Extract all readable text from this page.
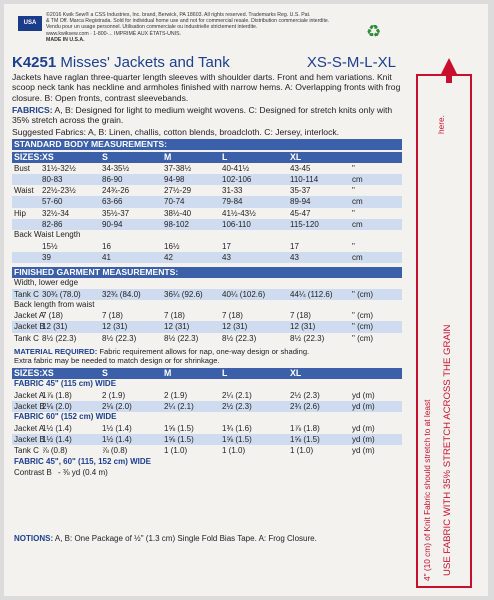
USA
©2016 Kwik Sew® a CSS Industries, Inc. brand, Berwick, PA 18603. All rights reserved. Trademarks Reg. U.S. Pat.
& TM Off. Marca Registrada. Sold for individual home use and not for commercial resale. Distribution commerciale interdite.
Vendu pour un usage personnel. Utilisation commerciale ou industrielle strictement interdite.
www.kwiksew.com · 1-800-... IMPRIMÉ AUX ÉTATS-UNIS.
MADE IN U.S.A.	♻
K4251 Misses' Jackets and Tank	XS-S-M-L-XL
Jackets have raglan three-quarter length sleeves with shoulder darts. Front and hem variations. Knit scoop neck tank has neckline and armholes finished with narrow hems. A: Overlapping fronts with frog closure. B: Open fronts, contrast sleevebands.
FABRICS: A, B: Designed for light to medium weight wovens. C: Designed for stretch knits only with 35% stretch across the grain.
Suggested Fabrics: A, B: Linen, challis, cotton blends, broadcloth. C: Jersey, interlock.
STANDARD BODY MEASUREMENTS:
SIZES: XS	S	M	L	XL
Bust 31½-32½	34-35½	37-38½	40-41½	43-45	"
80-83	86-90	94-98	102-106	110-114	cm
Waist 22½-23½	24¾-26	27½-29	31-33	35-37	"
57-60	63-66	70-74	79-84	89-94	cm
Hip 32½-34	35½-37	38½-40	41½-43½	45-47	"
82-86	90-94	98-102	106-110	115-120	cm
Back Waist Length
15½	16	16½	17	17	"
39	41	42	43	43	cm
FINISHED GARMENT MEASUREMENTS:
Width, lower edge
Tank C 30¾ (78.0)	32¾ (84.0)	36¼ (92.6) 40¼ (102.6)	44¼ (112.6) " (cm)
Back length from waist
Jacket A
7 (18)	7 (18)	7 (18)	7 (18)	7 (18)	" (cm)
Jacket B
12 (31)	12 (31)	12 (31)	12 (31)	12 (31)	" (cm)
Tank C 8½ (22.3)	8½ (22.3)	8½ (22.3)	8½ (22.3)	8½ (22.3)	" (cm)
MATERIAL REQUIRED: Fabric requirement allows for nap, one-way design or shading.
Extra fabric may be needed to match design or for shrinkage.
SIZES: XS	S	M	L	XL
FABRIC 45" (115 cm) WIDE
Jacket A
1⅞ (1.8)	2 (1.9)	2 (1.9)	2¼ (2.1)	2½ (2.3)	yd (m)
Jacket B
2⅛ (2.0)	2⅛ (2.0)	2¼ (2.1)	2½ (2.3)	2¾ (2.6)	yd (m)
FABRIC 60" (152 cm) WIDE
Jacket A
1½ (1.4)	1½ (1.4)	1⅝ (1.5)	1¾ (1.6)	1⅞ (1.8)	yd (m)
Jacket B
1½ (1.4)	1½ (1.4)	1⅝ (1.5)	1⅝ (1.5)	1⅝ (1.5)	yd (m)
Tank C ⅞ (0.8)	⅞ (0.8)	1 (1.0)	1 (1.0)	1 (1.0)	yd (m)
FABRIC 45", 60" (115, 152 cm) WIDE
Contrast B - ⅜ yd (0.4 m)
NOTIONS: A, B: One Package of ½" (1.3 cm) Single Fold Bias Tape. A: Frog Closure.	4" (10 cm) of Knit Fabric should stretch to at least USE FABRIC WITH 35% STRETCH ACROSS THE GRAIN
here.
